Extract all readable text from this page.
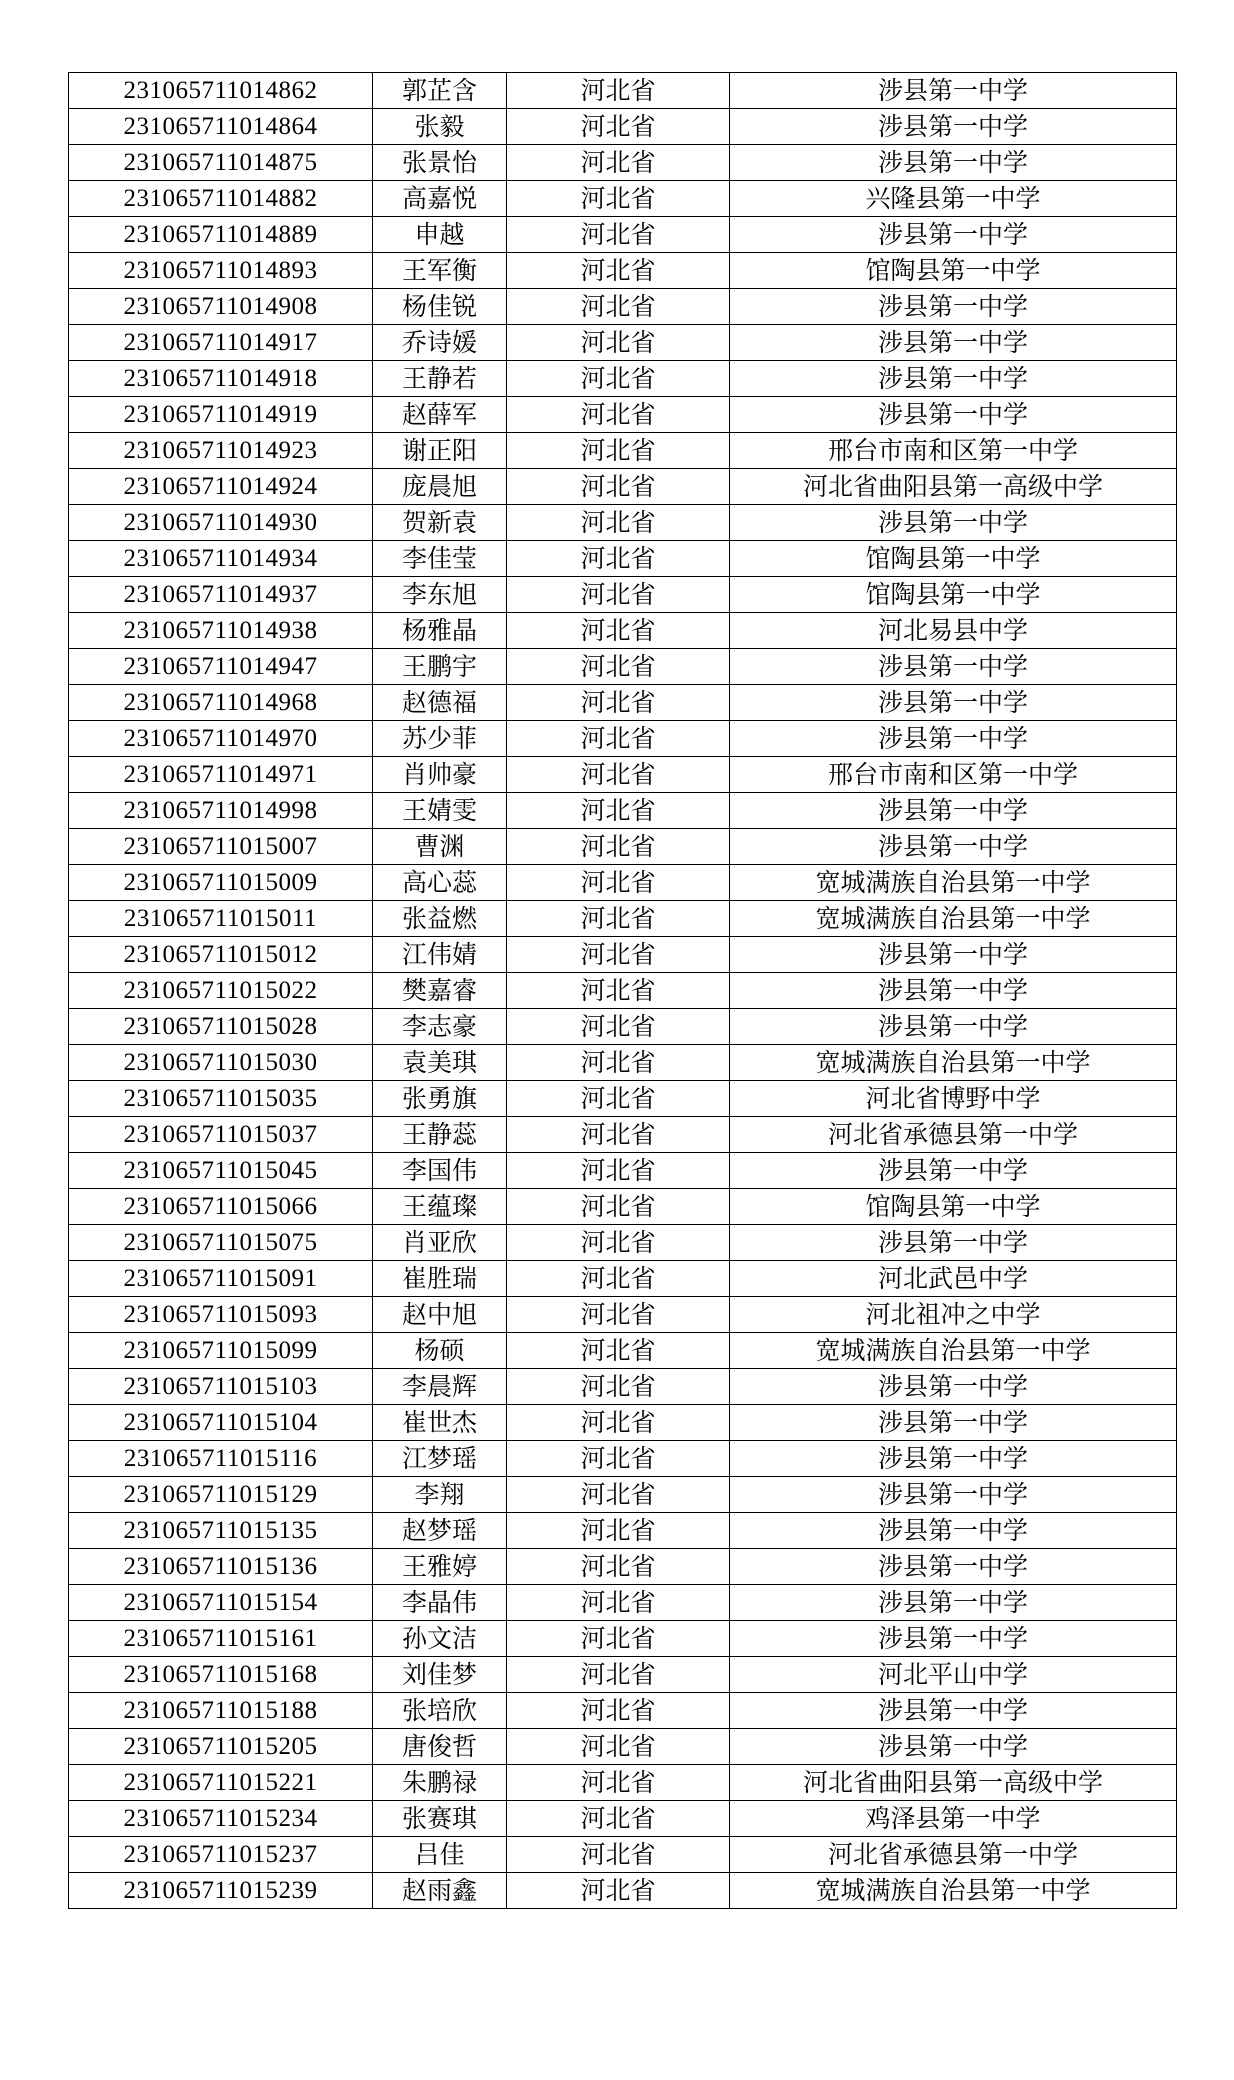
231065711014862	郭芷含	河北省	涉县第一中学
231065711014864	张毅	河北省	涉县第一中学
231065711014875	张景怡	河北省	涉县第一中学
231065711014882	高嘉悦	河北省	兴隆县第一中学
231065711014889	申越	河北省	涉县第一中学
231065711014893	王军衡	河北省	馆陶县第一中学
231065711014908	杨佳锐	河北省	涉县第一中学
231065711014917	乔诗媛	河北省	涉县第一中学
231065711014918	王静若	河北省	涉县第一中学
231065711014919	赵薛军	河北省	涉县第一中学
231065711014923	谢正阳	河北省	邢台市南和区第一中学
231065711014924	庞晨旭	河北省	河北省曲阳县第一高级中学
231065711014930	贺新袁	河北省	涉县第一中学
231065711014934	李佳莹	河北省	馆陶县第一中学
231065711014937	李东旭	河北省	馆陶县第一中学
231065711014938	杨雅晶	河北省	河北易县中学
231065711014947	王鹏宇	河北省	涉县第一中学
231065711014968	赵德福	河北省	涉县第一中学
231065711014970	苏少菲	河北省	涉县第一中学
231065711014971	肖帅豪	河北省	邢台市南和区第一中学
231065711014998	王婧雯	河北省	涉县第一中学
231065711015007	曹渊	河北省	涉县第一中学
231065711015009	高心蕊	河北省	宽城满族自治县第一中学
231065711015011	张益燃	河北省	宽城满族自治县第一中学
231065711015012	江伟婧	河北省	涉县第一中学
231065711015022	樊嘉睿	河北省	涉县第一中学
231065711015028	李志豪	河北省	涉县第一中学
231065711015030	袁美琪	河北省	宽城满族自治县第一中学
231065711015035	张勇旗	河北省	河北省博野中学
231065711015037	王静蕊	河北省	河北省承德县第一中学
231065711015045	李国伟	河北省	涉县第一中学
231065711015066	王蕴璨	河北省	馆陶县第一中学
231065711015075	肖亚欣	河北省	涉县第一中学
231065711015091	崔胜瑞	河北省	河北武邑中学
231065711015093	赵中旭	河北省	河北祖冲之中学
231065711015099	杨硕	河北省	宽城满族自治县第一中学
231065711015103	李晨辉	河北省	涉县第一中学
231065711015104	崔世杰	河北省	涉县第一中学
231065711015116	江梦瑶	河北省	涉县第一中学
231065711015129	李翔	河北省	涉县第一中学
231065711015135	赵梦瑶	河北省	涉县第一中学
231065711015136	王雅婷	河北省	涉县第一中学
231065711015154	李晶伟	河北省	涉县第一中学
231065711015161	孙文洁	河北省	涉县第一中学
231065711015168	刘佳梦	河北省	河北平山中学
231065711015188	张培欣	河北省	涉县第一中学
231065711015205	唐俊哲	河北省	涉县第一中学
231065711015221	朱鹏禄	河北省	河北省曲阳县第一高级中学
231065711015234	张赛琪	河北省	鸡泽县第一中学
231065711015237	吕佳	河北省	河北省承德县第一中学
231065711015239	赵雨鑫	河北省	宽城满族自治县第一中学
